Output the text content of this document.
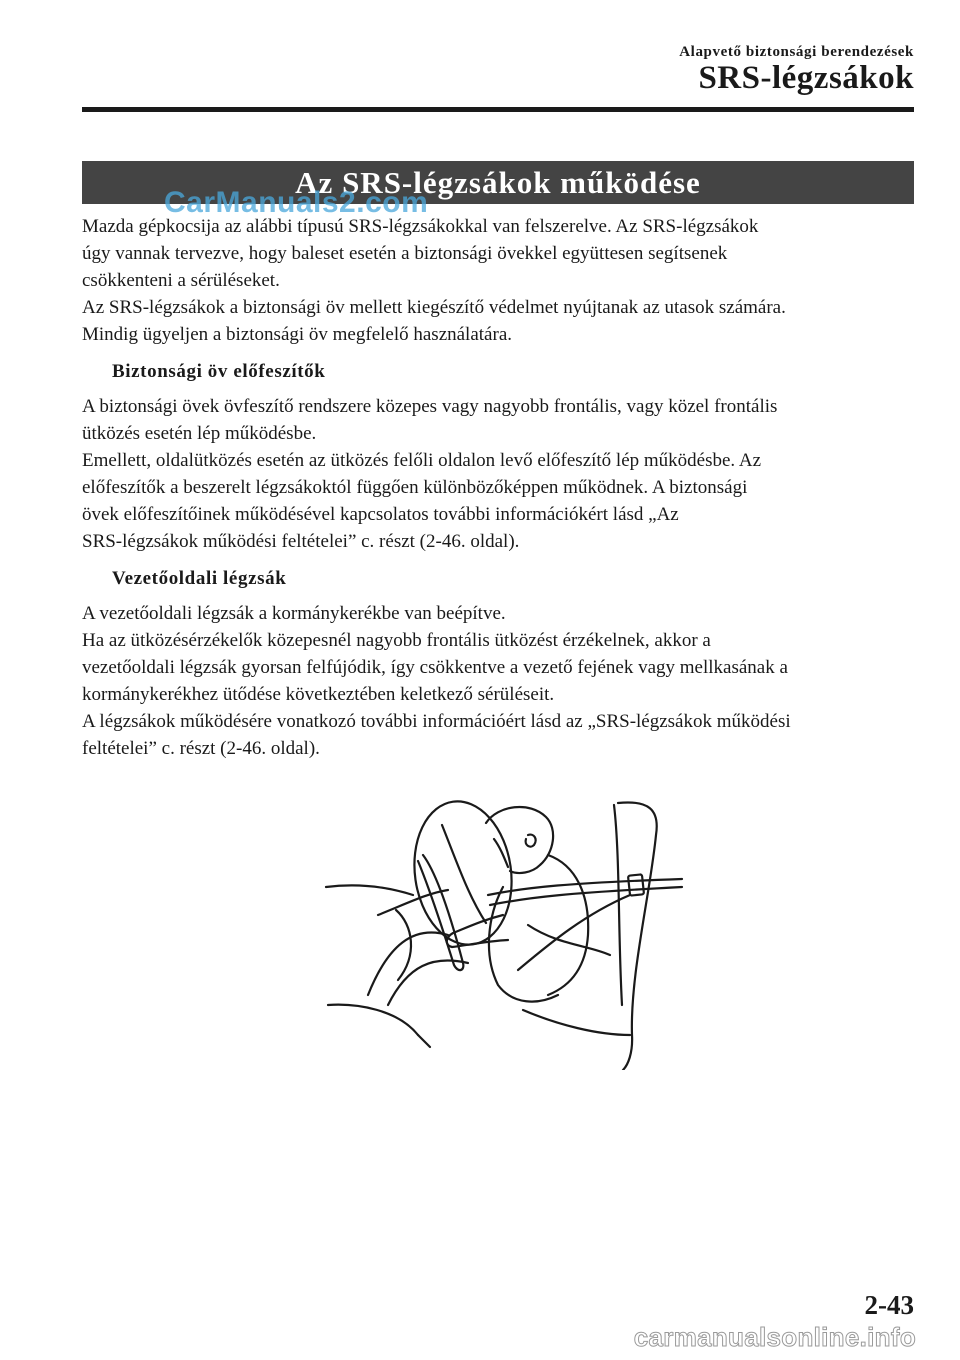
Alapvető biztonsági berendezések
SRS-légzsákok
Az SRS-légzsákok működése
CarManuals2.com

Mazda gépkocsija az alábbi típusú SRS-légzsákokkal van felszerelve. Az SRS-légzsákok

úgy vannak tervezve, hogy baleset esetén a biztonsági övekkel együttesen segítsenek

csökkenteni a sérüléseket.

Az SRS-légzsákok a biztonsági öv mellett kiegészítő védelmet nyújtanak az utasok számára.

Mindig ügyeljen a biztonsági öv megfelelő használatára.

Biztonsági öv előfeszítők

A biztonsági övek övfeszítő rendszere közepes vagy nagyobb frontális, vagy közel frontális

ütközés esetén lép működésbe.

Emellett, oldalütközés esetén az ütközés felőli oldalon levő előfeszítő lép működésbe. Az

előfeszítők a beszerelt légzsákoktól függően különbözőképpen működnek. A biztonsági

övek előfeszítőinek működésével kapcsolatos további információkért lásd „Az

SRS-légzsákok működési feltételei” c. részt (2-46. oldal).

Vezetőoldali légzsák

A vezetőoldali légzsák a kormánykerékbe van beépítve.

Ha az ütközésérzékelők közepesnél nagyobb frontális ütközést érzékelnek, akkor a

vezetőoldali légzsák gyorsan felfújódik, így csökkentve a vezető fejének vagy mellkasának a

kormánykerékhez ütődése következtében keletkező sérüléseit.

A légzsákok működésére vonatkozó további információért lásd az „SRS-légzsákok működési

feltételei” c. részt (2-46. oldal).

2-43
carmanualsonline.info
